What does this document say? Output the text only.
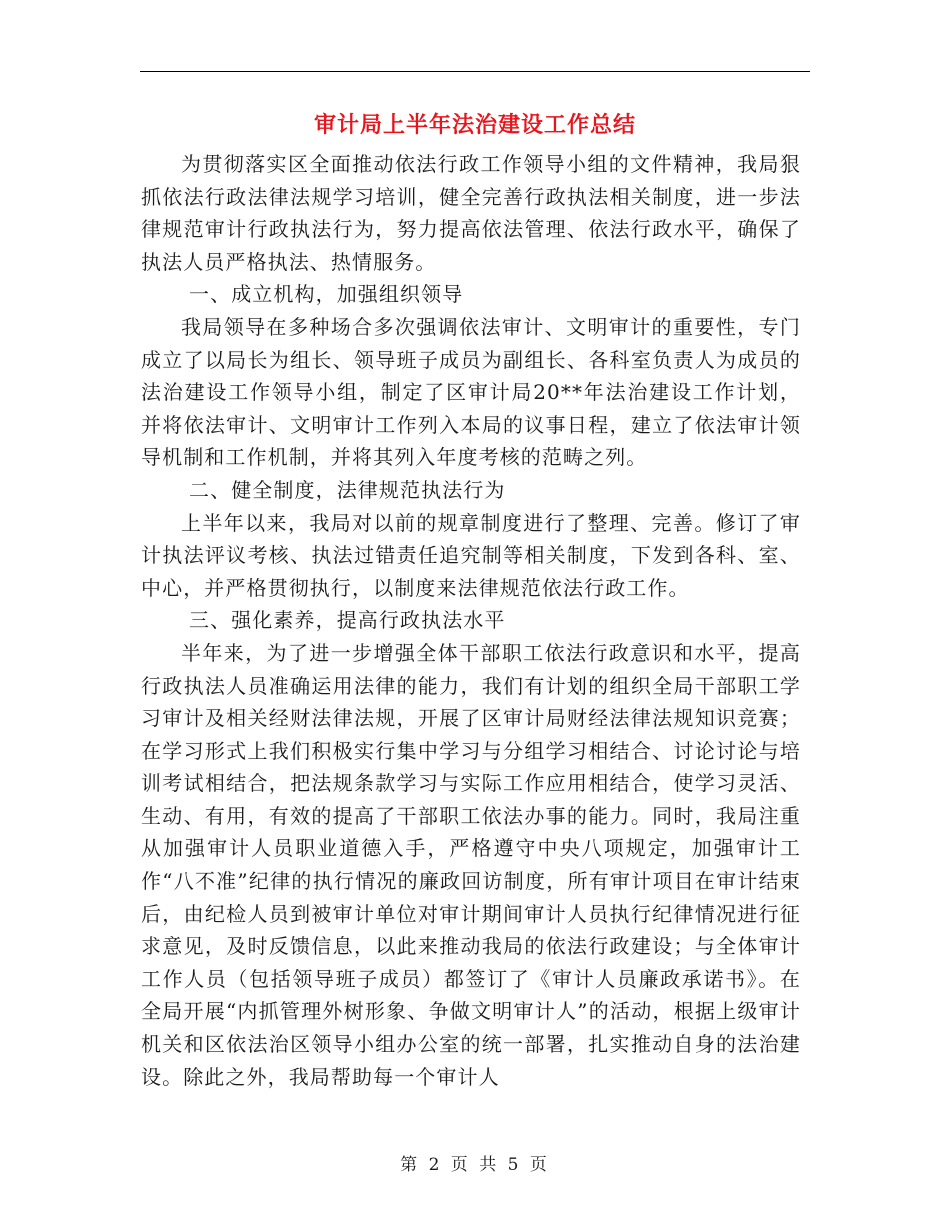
审计局上半年法治建设工作总结

为贯彻落实区全面推动依法行政工作领导小组的文件精神，我局狠抓依法行政法律法规学习培训，健全完善行政执法相关制度，进一步法律规范审计行政执法行为，努力提高依法管理、依法行政水平，确保了执法人员严格执法、热情服务。

一、成立机构，加强组织领导

我局领导在多种场合多次强调依法审计、文明审计的重要性，专门成立了以局长为组长、领导班子成员为副组长、各科室负责人为成员的法治建设工作领导小组，制定了区审计局20**年法治建设工作计划，并将依法审计、文明审计工作列入本局的议事日程，建立了依法审计领导机制和工作机制，并将其列入年度考核的范畴之列。

二、健全制度，法律规范执法行为

上半年以来，我局对以前的规章制度进行了整理、完善。修订了审计执法评议考核、执法过错责任追究制等相关制度，下发到各科、室、中心，并严格贯彻执行，以制度来法律规范依法行政工作。

三、强化素养，提高行政执法水平

半年来，为了进一步增强全体干部职工依法行政意识和水平，提高行政执法人员准确运用法律的能力，我们有计划的组织全局干部职工学习审计及相关经财法律法规，开展了区审计局财经法律法规知识竞赛；在学习形式上我们积极实行集中学习与分组学习相结合、讨论讨论与培训考试相结合，把法规条款学习与实际工作应用相结合，使学习灵活、生动、有用，有效的提高了干部职工依法办事的能力。同时，我局注重从加强审计人员职业道德入手，严格遵守中央八项规定，加强审计工作“八不准”纪律的执行情况的廉政回访制度，所有审计项目在审计结束后，由纪检人员到被审计单位对审计期间审计人员执行纪律情况进行征求意见，及时反馈信息，以此来推动我局的依法行政建设；与全体审计工作人员（包括领导班子成员）都签订了《审计人员廉政承诺书》。在全局开展“内抓管理外树形象、争做文明审计人”的活动，根据上级审计机关和区依法治区领导小组办公室的统一部署，扎实推动自身的法治建设。除此之外，我局帮助每一个审计人

第 2 页 共 5 页
